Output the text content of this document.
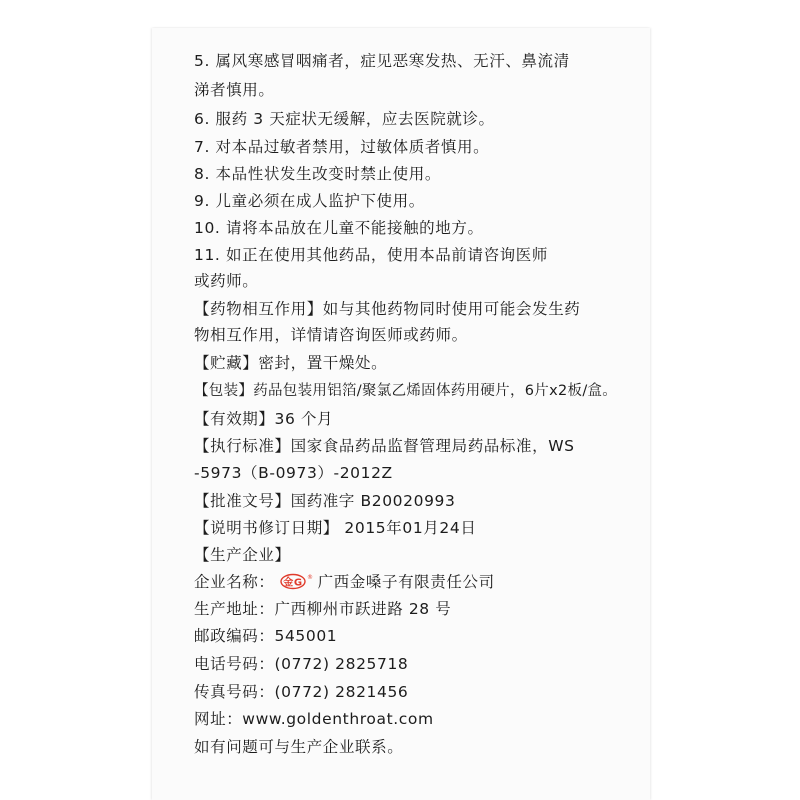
5. 属风寒感冒咽痛者，症见恶寒发热、无汗、鼻流清
涕者慎用。
6. 服药 3 天症状无缓解，应去医院就诊。
7. 对本品过敏者禁用，过敏体质者慎用。
8. 本品性状发生改变时禁止使用。
9. 儿童必须在成人监护下使用。
10. 请将本品放在儿童不能接触的地方。
11. 如正在使用其他药品，使用本品前请咨询医师
或药师。
【药物相互作用】如与其他药物同时使用可能会发生药
物相互作用，详情请咨询医师或药师。
【贮藏】密封，置干燥处。
【包装】药品包装用铝箔/聚氯乙烯固体药用硬片，6片x2板/盒。
【有效期】36 个月
【执行标准】国家食品药品监督管理局药品标准，WS
-5973（B-0973）-2012Z
【批准文号】国药准字 B20020993
【说明书修订日期】 2015年01月24日
【生产企业】
企业名称： 金G ® 广西金嗓子有限责任公司
生产地址：广西柳州市跃进路 28 号
邮政编码：545001
电话号码：(0772) 2825718
传真号码：(0772) 2821456
网址：www.goldenthroat.com
如有问题可与生产企业联系。
